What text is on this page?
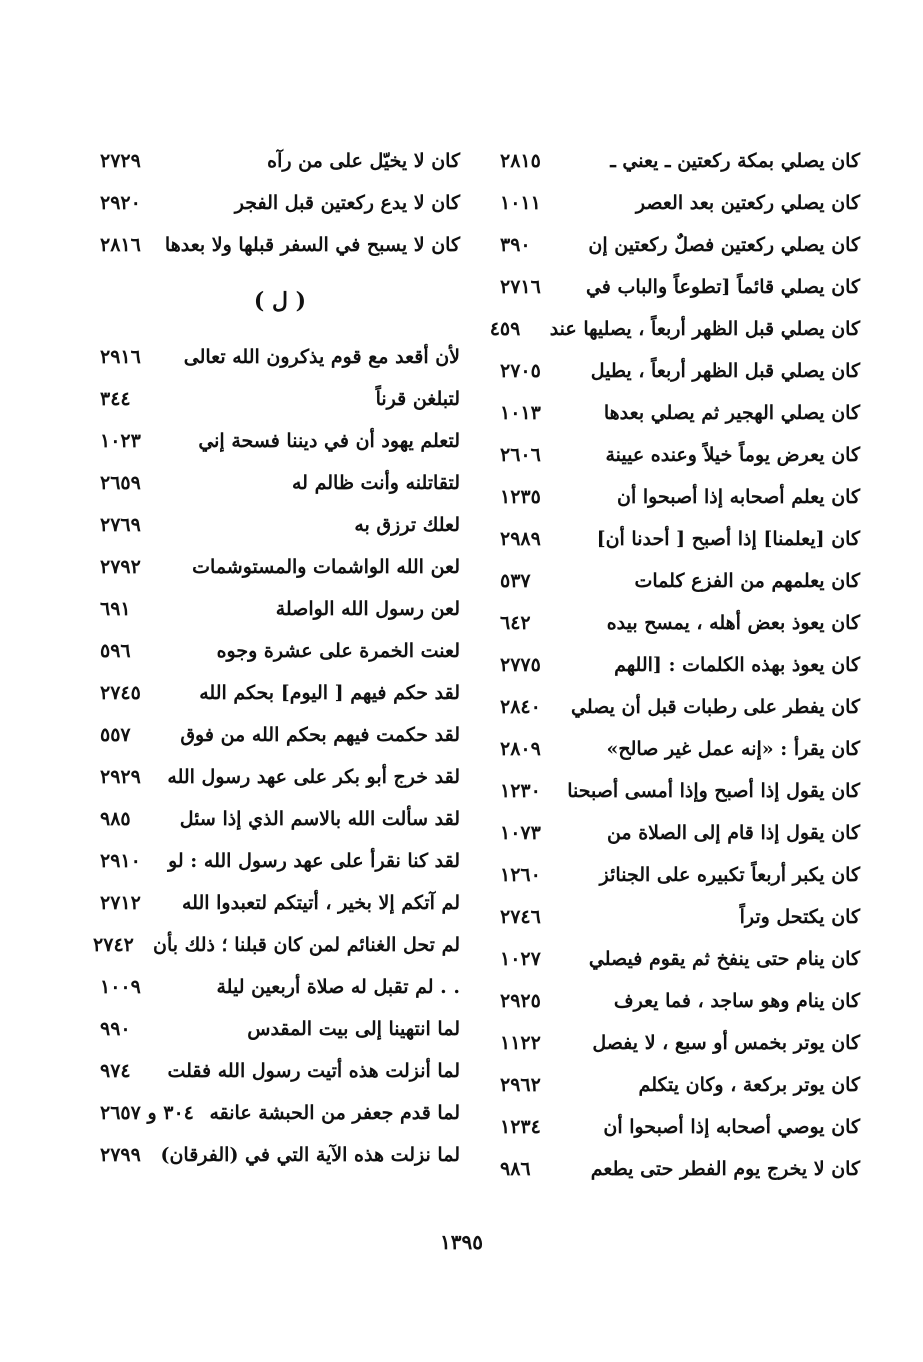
كان يصلي بمكة ركعتين ـ يعني ـ
٢٨١٥
كان يصلي ركعتين بعد العصر
١٠١١
كان يصلي ركعتين فصلٌ ركعتين إن
٣٩٠
كان يصلي قائماً [تطوعاً والباب في
٢٧١٦
كان يصلي قبل الظهر أربعاً ، يصليها عند
٤٥٩
كان يصلي قبل الظهر أربعاً ، يطيل
٢٧٠٥
كان يصلي الهجير ثم يصلي بعدها
١٠١٣
كان يعرض يوماً خيلاً وعنده عيينة
٢٦٠٦
كان يعلم أصحابه إذا أصبحوا أن
١٢٣٥
كان [يعلمنا] إذا أصبح [ أحدنا أن]
٢٩٨٩
كان يعلمهم من الفزع كلمات
٥٣٧
كان يعوذ بعض أهله ، يمسح بيده
٦٤٢
كان يعوذ بهذه الكلمات : [اللهم
٢٧٧٥
كان يفطر على رطبات قبل أن يصلي
٢٨٤٠
كان يقرأ : «إنه عمل غير صالح»
٢٨٠٩
كان يقول إذا أصبح وإذا أمسى أصبحنا
١٢٣٠
كان يقول إذا قام إلى الصلاة من
١٠٧٣
كان يكبر أربعاً تكبيره على الجنائز
١٢٦٠
كان يكتحل وتراً
٢٧٤٦
كان ينام حتى ينفخ ثم يقوم فيصلي
١٠٢٧
كان ينام وهو ساجد ، فما يعرف
٢٩٢٥
كان يوتر بخمس أو سبع ، لا يفصل
١١٢٢
كان يوتر بركعة ، وكان يتكلم
٢٩٦٢
كان يوصي أصحابه إذا أصبحوا أن
١٢٣٤
كان لا يخرج يوم الفطر حتى يطعم
٩٨٦
كان لا يخيّل على من رآه
٢٧٢٩
كان لا يدع ركعتين قبل الفجر
٢٩٢٠
كان لا يسبح في السفر قبلها ولا بعدها
٢٨١٦
( ل )
لأن أقعد مع قوم يذكرون الله تعالى
٢٩١٦
لتبلغن قرناً
٣٤٤
لتعلم يهود أن في ديننا فسحة إني
١٠٢٣
لتقاتلنه وأنت ظالم له
٢٦٥٩
لعلك ترزق به
٢٧٦٩
لعن الله الواشمات والمستوشمات
٢٧٩٢
لعن رسول الله الواصلة
٦٩١
لعنت الخمرة على عشرة وجوه
٥٩٦
لقد حكم فيهم [ اليوم] بحكم الله
٢٧٤٥
لقد حكمت فيهم بحكم الله من فوق
٥٥٧
لقد خرج أبو بكر على عهد رسول الله
٢٩٢٩
لقد سألت الله بالاسم الذي إذا سئل
٩٨٥
لقد كنا نقرأ على عهد رسول الله : لو
٢٩١٠
لم آتكم إلا بخير ، أتيتكم لتعبدوا الله
٢٧١٢
لم تحل الغنائم لمن كان قبلنا ؛ ذلك بأن
٢٧٤٢
. . لم تقبل له صلاة أربعين ليلة
١٠٠٩
لما انتهينا إلى بيت المقدس
٩٩٠
لما أنزلت هذه أتيت رسول الله فقلت
٩٧٤
لما قدم جعفر من الحبشة عانقه
٣٠٤ و ٢٦٥٧
لما نزلت هذه الآية التي في (الفرقان)
٢٧٩٩
١٣٩٥
